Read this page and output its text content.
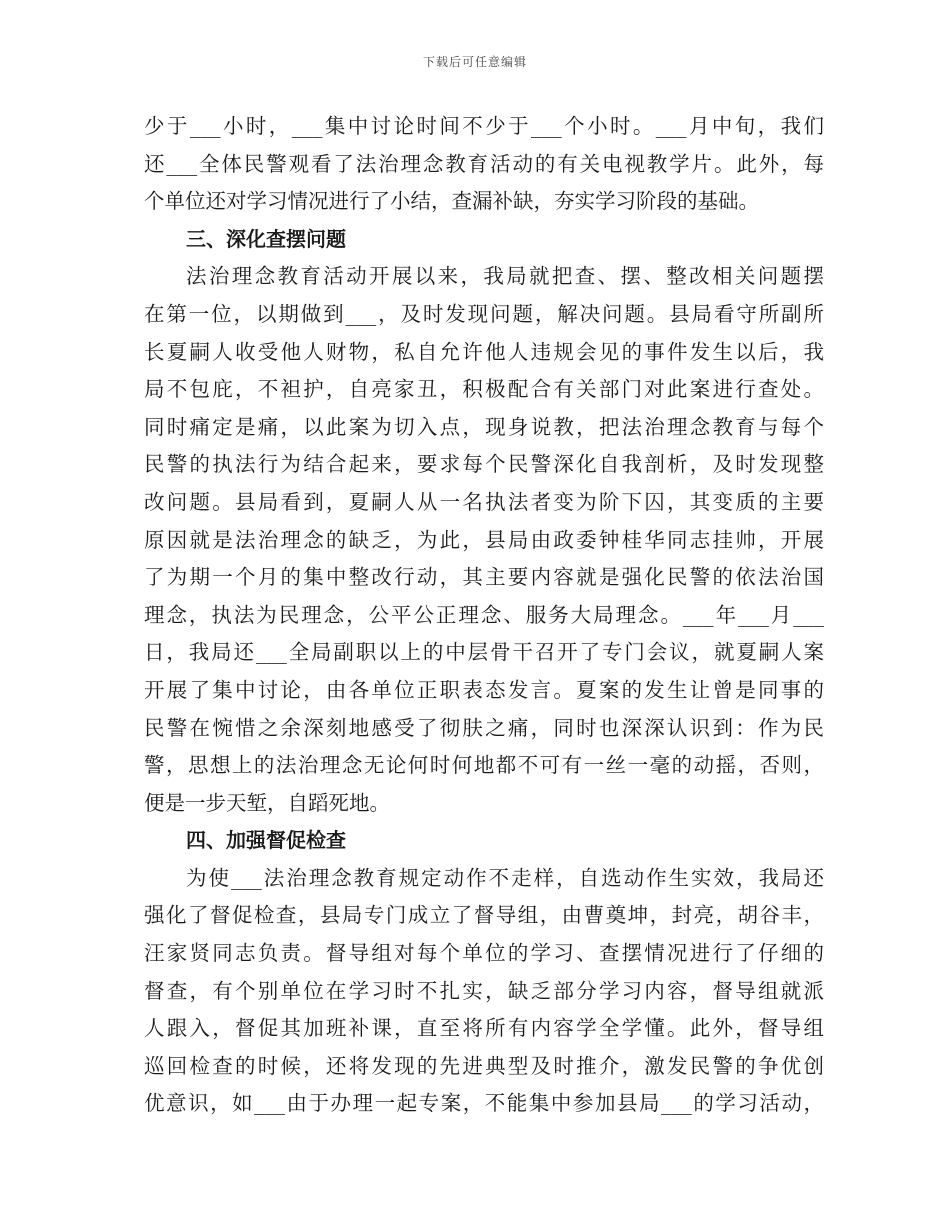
下载后可任意编辑
少于___小时，___集中讨论时间不少于___个小时。___月中旬，我们
还___全体民警观看了法治理念教育活动的有关电视教学片。此外，每
个单位还对学习情况进行了小结，查漏补缺，夯实学习阶段的基础。
三、深化查摆问题
法治理念教育活动开展以来，我局就把查、摆、整改相关问题摆
在第一位，以期做到___，及时发现问题，解决问题。县局看守所副所
长夏嗣人收受他人财物，私自允许他人违规会见的事件发生以后，我
局不包庇，不袒护，自亮家丑，积极配合有关部门对此案进行查处。
同时痛定是痛，以此案为切入点，现身说教，把法治理念教育与每个
民警的执法行为结合起来，要求每个民警深化自我剖析，及时发现整
改问题。县局看到，夏嗣人从一名执法者变为阶下囚，其变质的主要
原因就是法治理念的缺乏，为此，县局由政委钟桂华同志挂帅，开展
了为期一个月的集中整改行动，其主要内容就是强化民警的依法治国
理念，执法为民理念，公平公正理念、服务大局理念。___年___月___
日，我局还___全局副职以上的中层骨干召开了专门会议，就夏嗣人案
开展了集中讨论，由各单位正职表态发言。夏案的发生让曾是同事的
民警在惋惜之余深刻地感受了彻肤之痛，同时也深深认识到：作为民
警，思想上的法治理念无论何时何地都不可有一丝一毫的动摇，否则，
便是一步天堑，自蹈死地。
四、加强督促检查
为使___法治理念教育规定动作不走样，自选动作生实效，我局还
强化了督促检查，县局专门成立了督导组，由曹奠坤，封亮，胡谷丰，
汪家贤同志负责。督导组对每个单位的学习、查摆情况进行了仔细的
督查，有个别单位在学习时不扎实，缺乏部分学习内容，督导组就派
人跟入，督促其加班补课，直至将所有内容学全学懂。此外，督导组
巡回检查的时候，还将发现的先进典型及时推介，激发民警的争优创
优意识，如___由于办理一起专案，不能集中参加县局___的学习活动，
